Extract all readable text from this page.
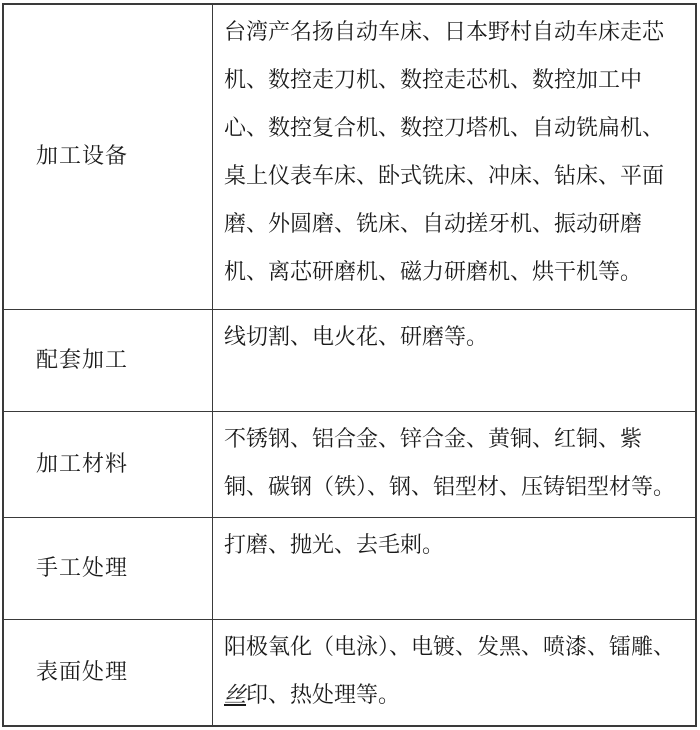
加工设备	台湾产名扬自动车床、日本野村自动车床走芯机、数控走刀机、数控走芯机、数控加工中心、数控复合机、数控刀塔机、自动铣扁机、桌上仪表车床、卧式铣床、冲床、钻床、平面磨、外圆磨、铣床、自动搓牙机、振动研磨机、离芯研磨机、磁力研磨机、烘干机等。
配套加工	线切割、电火花、研磨等。
加工材料	不锈钢、铝合金、锌合金、黄铜、红铜、紫铜、碳钢（铁）、钢、铝型材、压铸铝型材等。
手工处理	打磨、抛光、去毛刺。
表面处理	阳极氧化（电泳）、电镀、发黑、喷漆、镭雕、丝印、热处理等。
